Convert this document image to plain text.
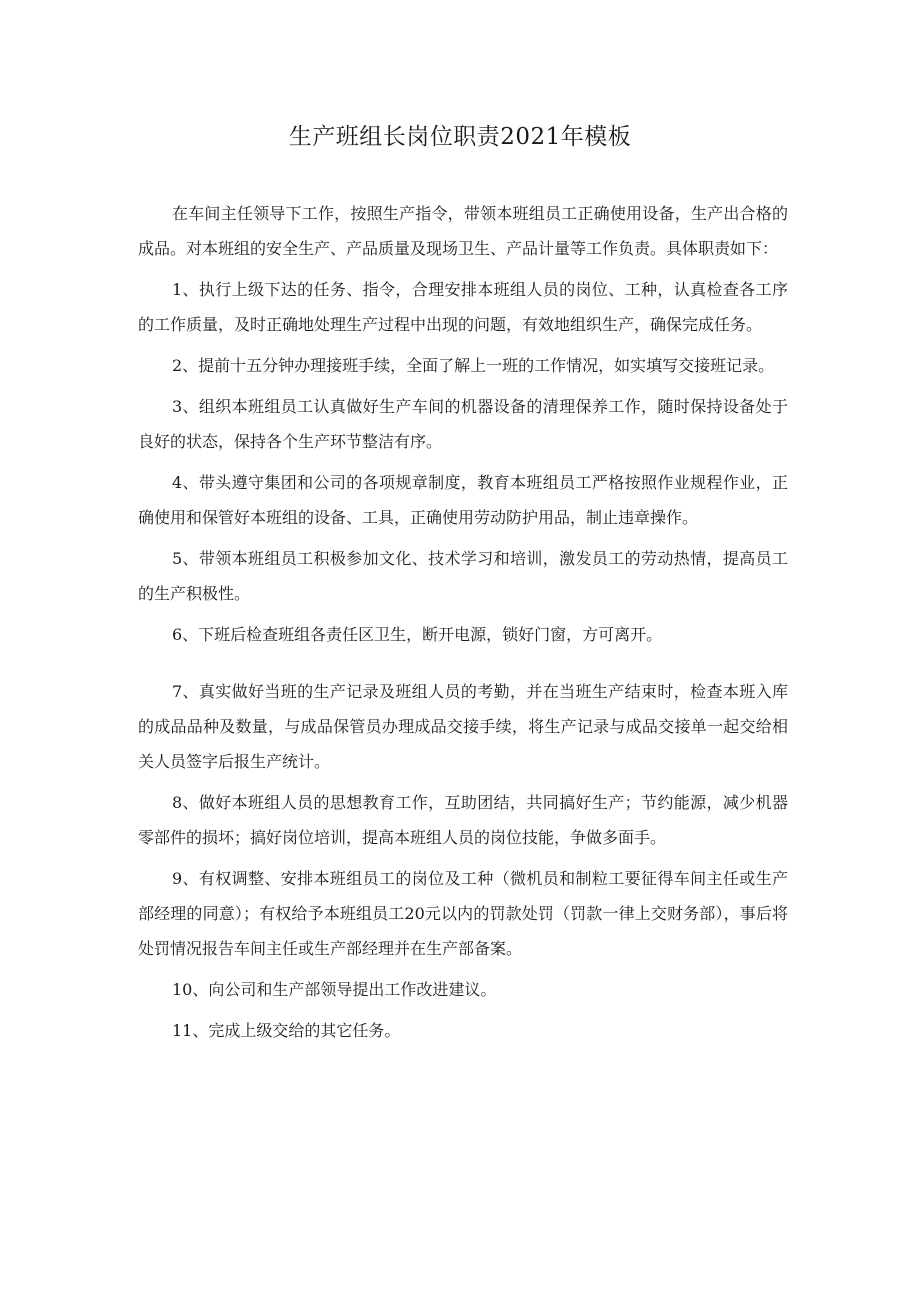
生产班组长岗位职责2021年模板

在车间主任领导下工作，按照生产指令，带领本班组员工正确使用设备，生产出合格的成品。对本班组的安全生产、产品质量及现场卫生、产品计量等工作负责。具体职责如下：

1、执行上级下达的任务、指令，合理安排本班组人员的岗位、工种，认真检查各工序的工作质量，及时正确地处理生产过程中出现的问题，有效地组织生产，确保完成任务。

2、提前十五分钟办理接班手续，全面了解上一班的工作情况，如实填写交接班记录。

3、组织本班组员工认真做好生产车间的机器设备的清理保养工作，随时保持设备处于良好的状态，保持各个生产环节整洁有序。

4、带头遵守集团和公司的各项规章制度，教育本班组员工严格按照作业规程作业，正确使用和保管好本班组的设备、工具，正确使用劳动防护用品，制止违章操作。

5、带领本班组员工积极参加文化、技术学习和培训，激发员工的劳动热情，提高员工的生产积极性。

6、下班后检查班组各责任区卫生，断开电源，锁好门窗，方可离开。

7、真实做好当班的生产记录及班组人员的考勤，并在当班生产结束时，检查本班入库的成品品种及数量，与成品保管员办理成品交接手续，将生产记录与成品交接单一起交给相关人员签字后报生产统计。

8、做好本班组人员的思想教育工作，互助团结，共同搞好生产；节约能源，减少机器零部件的损坏；搞好岗位培训，提高本班组人员的岗位技能，争做多面手。

9、有权调整、安排本班组员工的岗位及工种（微机员和制粒工要征得车间主任或生产部经理的同意）；有权给予本班组员工20元以内的罚款处罚（罚款一律上交财务部），事后将处罚情况报告车间主任或生产部经理并在生产部备案。

10、向公司和生产部领导提出工作改进建议。

11、完成上级交给的其它任务。
